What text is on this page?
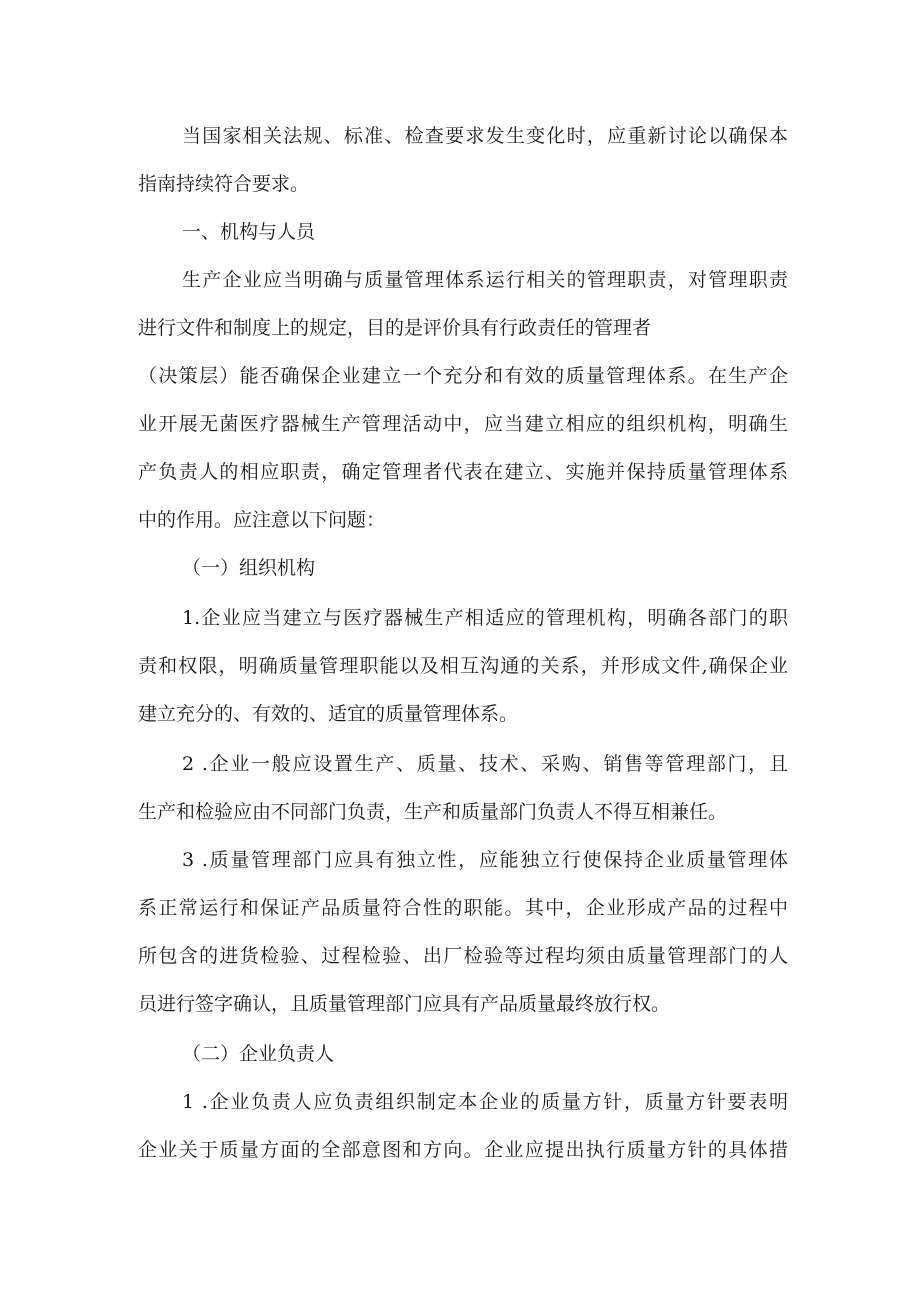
当国家相关法规、标准、检查要求发生变化时，应重新讨论以确保本
指南持续符合要求。
一、机构与人员
生产企业应当明确与质量管理体系运行相关的管理职责，对管理职责
进行文件和制度上的规定，目的是评价具有行政责任的管理者
（决策层）能否确保企业建立一个充分和有效的质量管理体系。在生产企
业开展无菌医疗器械生产管理活动中，应当建立相应的组织机构，明确生
产负责人的相应职责，确定管理者代表在建立、实施并保持质量管理体系
中的作用。应注意以下问题：
（一）组织机构
1.企业应当建立与医疗器械生产相适应的管理机构，明确各部门的职
责和权限，明确质量管理职能以及相互沟通的关系，并形成文件,确保企业
建立充分的、有效的、适宜的质量管理体系。
2 .企业一般应设置生产、质量、技术、采购、销售等管理部门，且
生产和检验应由不同部门负责，生产和质量部门负责人不得互相兼任。
3 .质量管理部门应具有独立性，应能独立行使保持企业质量管理体
系正常运行和保证产品质量符合性的职能。其中，企业形成产品的过程中
所包含的进货检验、过程检验、出厂检验等过程均须由质量管理部门的人
员进行签字确认，且质量管理部门应具有产品质量最终放行权。
（二）企业负责人
1 .企业负责人应负责组织制定本企业的质量方针，质量方针要表明
企业关于质量方面的全部意图和方向。企业应提出执行质量方针的具体措
